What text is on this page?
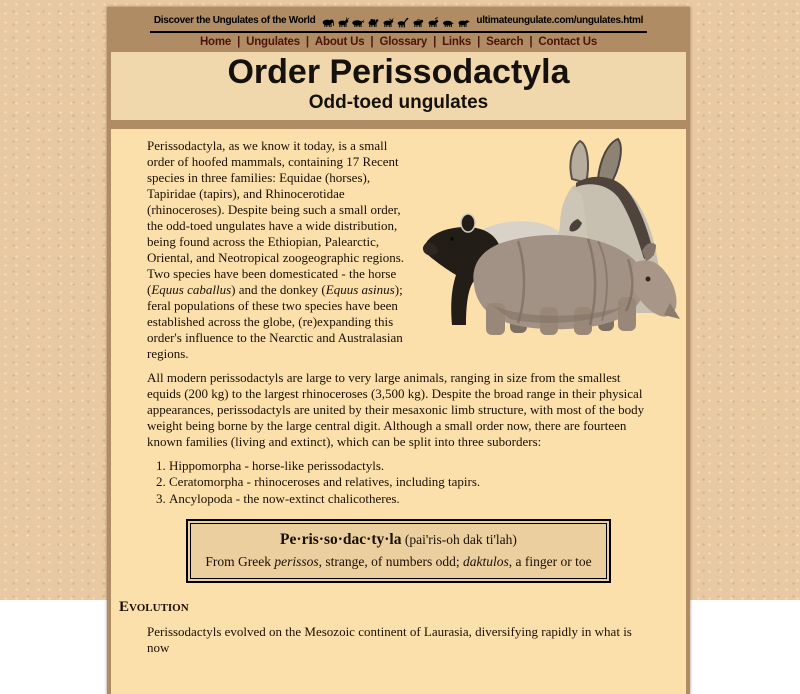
Discover the Ungulates of the World	ultimateungulate.com/ungulates.html
Home | Ungulates | About Us | Glossary | Links | Search | Contact Us
Order Perissodactyla
Odd-toed ungulates

Perissodactyla, as we know it today, is a small order of hoofed mammals, containing 17 Recent species in three families: Equidae (horses), Tapiridae (tapirs), and Rhinocerotidae (rhinoceroses). Despite being such a small order, the odd-toed ungulates have a wide distribution, being found across the Ethiopian, Palearctic, Oriental, and Neotropical zoogeographic regions. Two species have been domesticated - the horse (Equus caballus) and the donkey (Equus asinus); feral populations of these two species have been established across the globe, (re)expanding this order's influence to the Nearctic and Australasian regions.

All modern perissodactyls are large to very large animals, ranging in size from the smallest equids (200 kg) to the largest rhinoceroses (3,500 kg). Despite the broad range in their physical appearances, perissodactyls are united by their mesaxonic limb structure, with most of the body weight being borne by the large central digit. Although a small order now, there are fourteen known families (living and extinct), which can be split into three suborders:

1. Hippomorpha - horse-like perissodactyls.
2. Ceratomorpha - rhinoceroses and relatives, including tapirs.
3. Ancylopoda - the now-extinct chalicotheres.
Pe·ris·so·dac·ty·la (pai'ris-oh dak ti'lah)
From Greek perissos, strange, of numbers odd; daktulos, a finger or toe
Evolution

Perissodactyls evolved on the Mesozoic continent of Laurasia, diversifying rapidly in what is now
